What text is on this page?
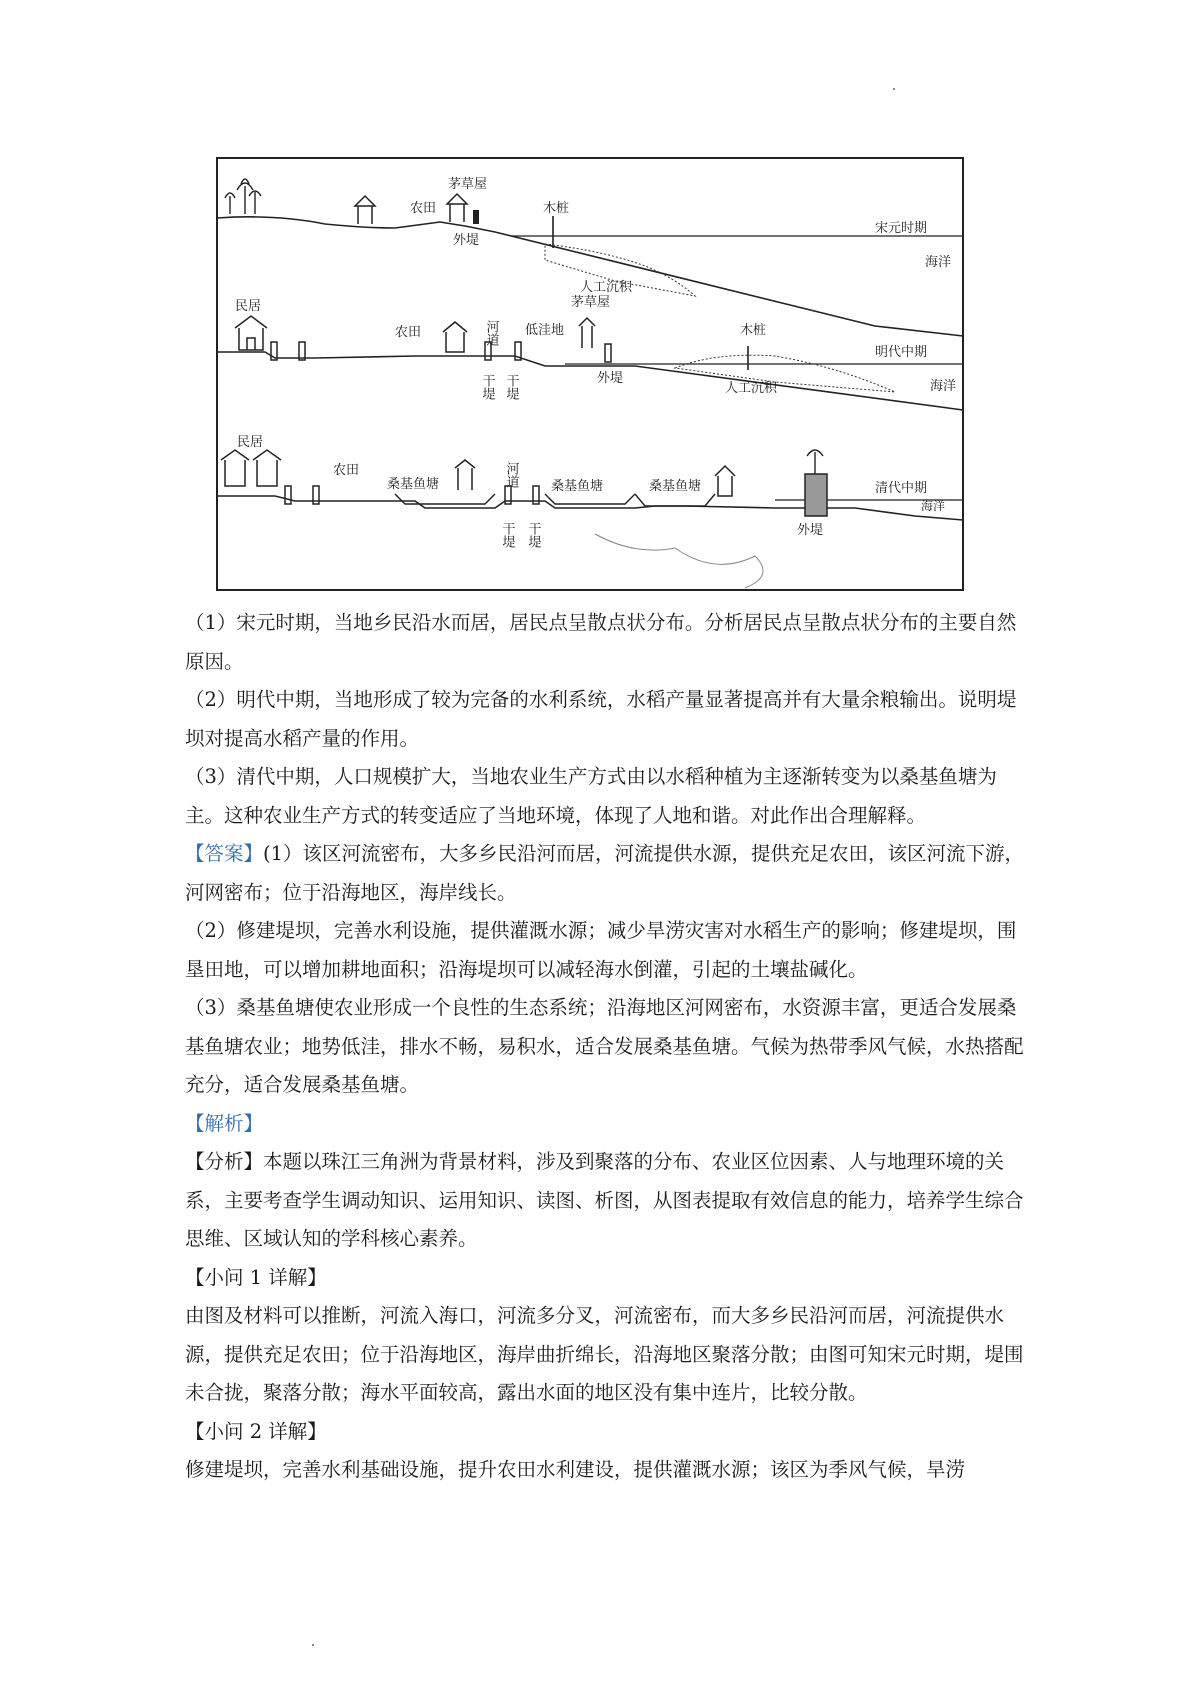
茅草屋
农田	木桩
外堤
人工沉积
宋元时期
海洋
民居
农田	河道
茅草屋
低洼地	木桩
干堤 干堤	外堤
人工沉积
明代中期
海洋
民居
农田
桑基鱼塘	河道	桑基鱼塘	桑基鱼塘
干堤 干堤	外堤
清代中期
海洋

（1）宋元时期，当地乡民沿水而居，居民点呈散点状分布。分析居民点呈散点状分布的主要自然原因。

（2）明代中期，当地形成了较为完备的水利系统，水稻产量显著提高并有大量余粮输出。说明堤坝对提高水稻产量的作用。

（3）清代中期，人口规模扩大，当地农业生产方式由以水稻种植为主逐渐转变为以桑基鱼塘为主。这种农业生产方式的转变适应了当地环境，体现了人地和谐。对此作出合理解释。

【答案】(1）该区河流密布，大多乡民沿河而居，河流提供水源，提供充足农田，该区河流下游，河网密布；位于沿海地区，海岸线长。

（2）修建堤坝，完善水利设施，提供灌溉水源；减少旱涝灾害对水稻生产的影响；修建堤坝，围垦田地，可以增加耕地面积；沿海堤坝可以减轻海水倒灌，引起的土壤盐碱化。

（3）桑基鱼塘使农业形成一个良性的生态系统；沿海地区河网密布，水资源丰富，更适合发展桑基鱼塘农业；地势低洼，排水不畅，易积水，适合发展桑基鱼塘。气候为热带季风气候，水热搭配充分，适合发展桑基鱼塘。

【解析】

【分析】本题以珠江三角洲为背景材料，涉及到聚落的分布、农业区位因素、人与地理环境的关系，主要考查学生调动知识、运用知识、读图、析图，从图表提取有效信息的能力，培养学生综合思维、区域认知的学科核心素养。

【小问 1 详解】

由图及材料可以推断，河流入海口，河流多分叉，河流密布，而大多乡民沿河而居，河流提供水源，提供充足农田；位于沿海地区，海岸曲折绵长，沿海地区聚落分散；由图可知宋元时期，堤围未合拢，聚落分散；海水平面较高，露出水面的地区没有集中连片，比较分散。

【小问 2 详解】

修建堤坝，完善水利基础设施，提升农田水利建设，提供灌溉水源；该区为季风气候，旱涝
